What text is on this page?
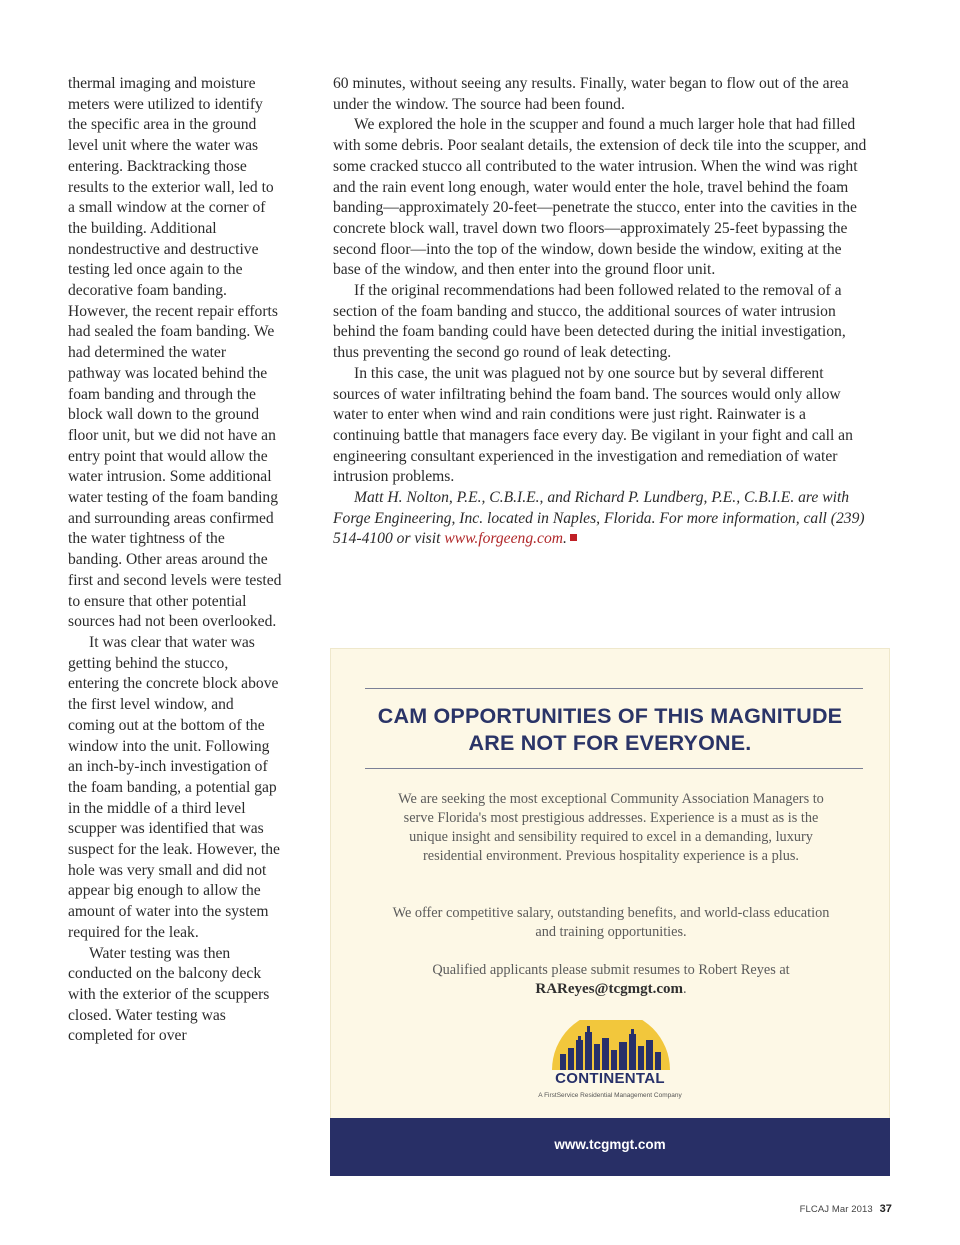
thermal imaging and moisture meters were utilized to identify the specific area in the ground level unit where the water was entering. Backtracking those results to the exterior wall, led to a small window at the corner of the building. Additional nondestructive and destructive testing led once again to the decorative foam banding. However, the recent repair efforts had sealed the foam banding. We had determined the water pathway was located behind the foam banding and through the block wall down to the ground floor unit, but we did not have an entry point that would allow the water intrusion. Some additional water testing of the foam banding and surrounding areas confirmed the water tightness of the banding. Other areas around the first and second levels were tested to ensure that other potential sources had not been overlooked.

It was clear that water was getting behind the stucco, entering the concrete block above the first level window, and coming out at the bottom of the window into the unit. Following an inch-by-inch investigation of the foam banding, a potential gap in the middle of a third level scupper was identified that was suspect for the leak. However, the hole was very small and did not appear big enough to allow the amount of water into the system required for the leak.

Water testing was then conducted on the balcony deck with the exterior of the scuppers closed. Water testing was completed for over

60 minutes, without seeing any results. Finally, water began to flow out of the area under the window. The source had been found.

We explored the hole in the scupper and found a much larger hole that had filled with some debris. Poor sealant details, the extension of deck tile into the scupper, and some cracked stucco all contributed to the water intrusion. When the wind was right and the rain event long enough, water would enter the hole, travel behind the foam banding—approximately 20-feet—penetrate the stucco, enter into the cavities in the concrete block wall, travel down two floors—approximately 25-feet bypassing the second floor—into the top of the window, down beside the window, exiting at the base of the window, and then enter into the ground floor unit.

If the original recommendations had been followed related to the removal of a section of the foam banding and stucco, the additional sources of water intrusion behind the foam banding could have been detected during the initial investigation, thus preventing the second go round of leak detecting.

In this case, the unit was plagued not by one source but by several different sources of water infiltrating behind the foam band. The sources would only allow water to enter when wind and rain conditions were just right. Rainwater is a continuing battle that managers face every day. Be vigilant in your fight and call an engineering consultant experienced in the investigation and remediation of water intrusion problems.

Matt H. Nolton, P.E., C.B.I.E., and Richard P. Lundberg, P.E., C.B.I.E. are with Forge Engineering, Inc. located in Naples, Florida. For more information, call (239) 514-4100 or visit www.forgeeng.com.

CAM OPPORTUNITIES OF THIS MAGNITUDE
ARE NOT FOR EVERYONE.

We are seeking the most exceptional Community Association Managers to serve Florida's most prestigious addresses. Experience is a must as is the unique insight and sensibility required to excel in a demanding, luxury residential environment. Previous hospitality experience is a plus.

We offer competitive salary, outstanding benefits, and world-class education and training opportunities.

Qualified applicants please submit resumes to Robert Reyes at
RAReyes@tcgmgt.com.

CONTINENTAL
A FirstService Residential Management Company
www.tcgmgt.com
FLCAJ Mar 2013 37
